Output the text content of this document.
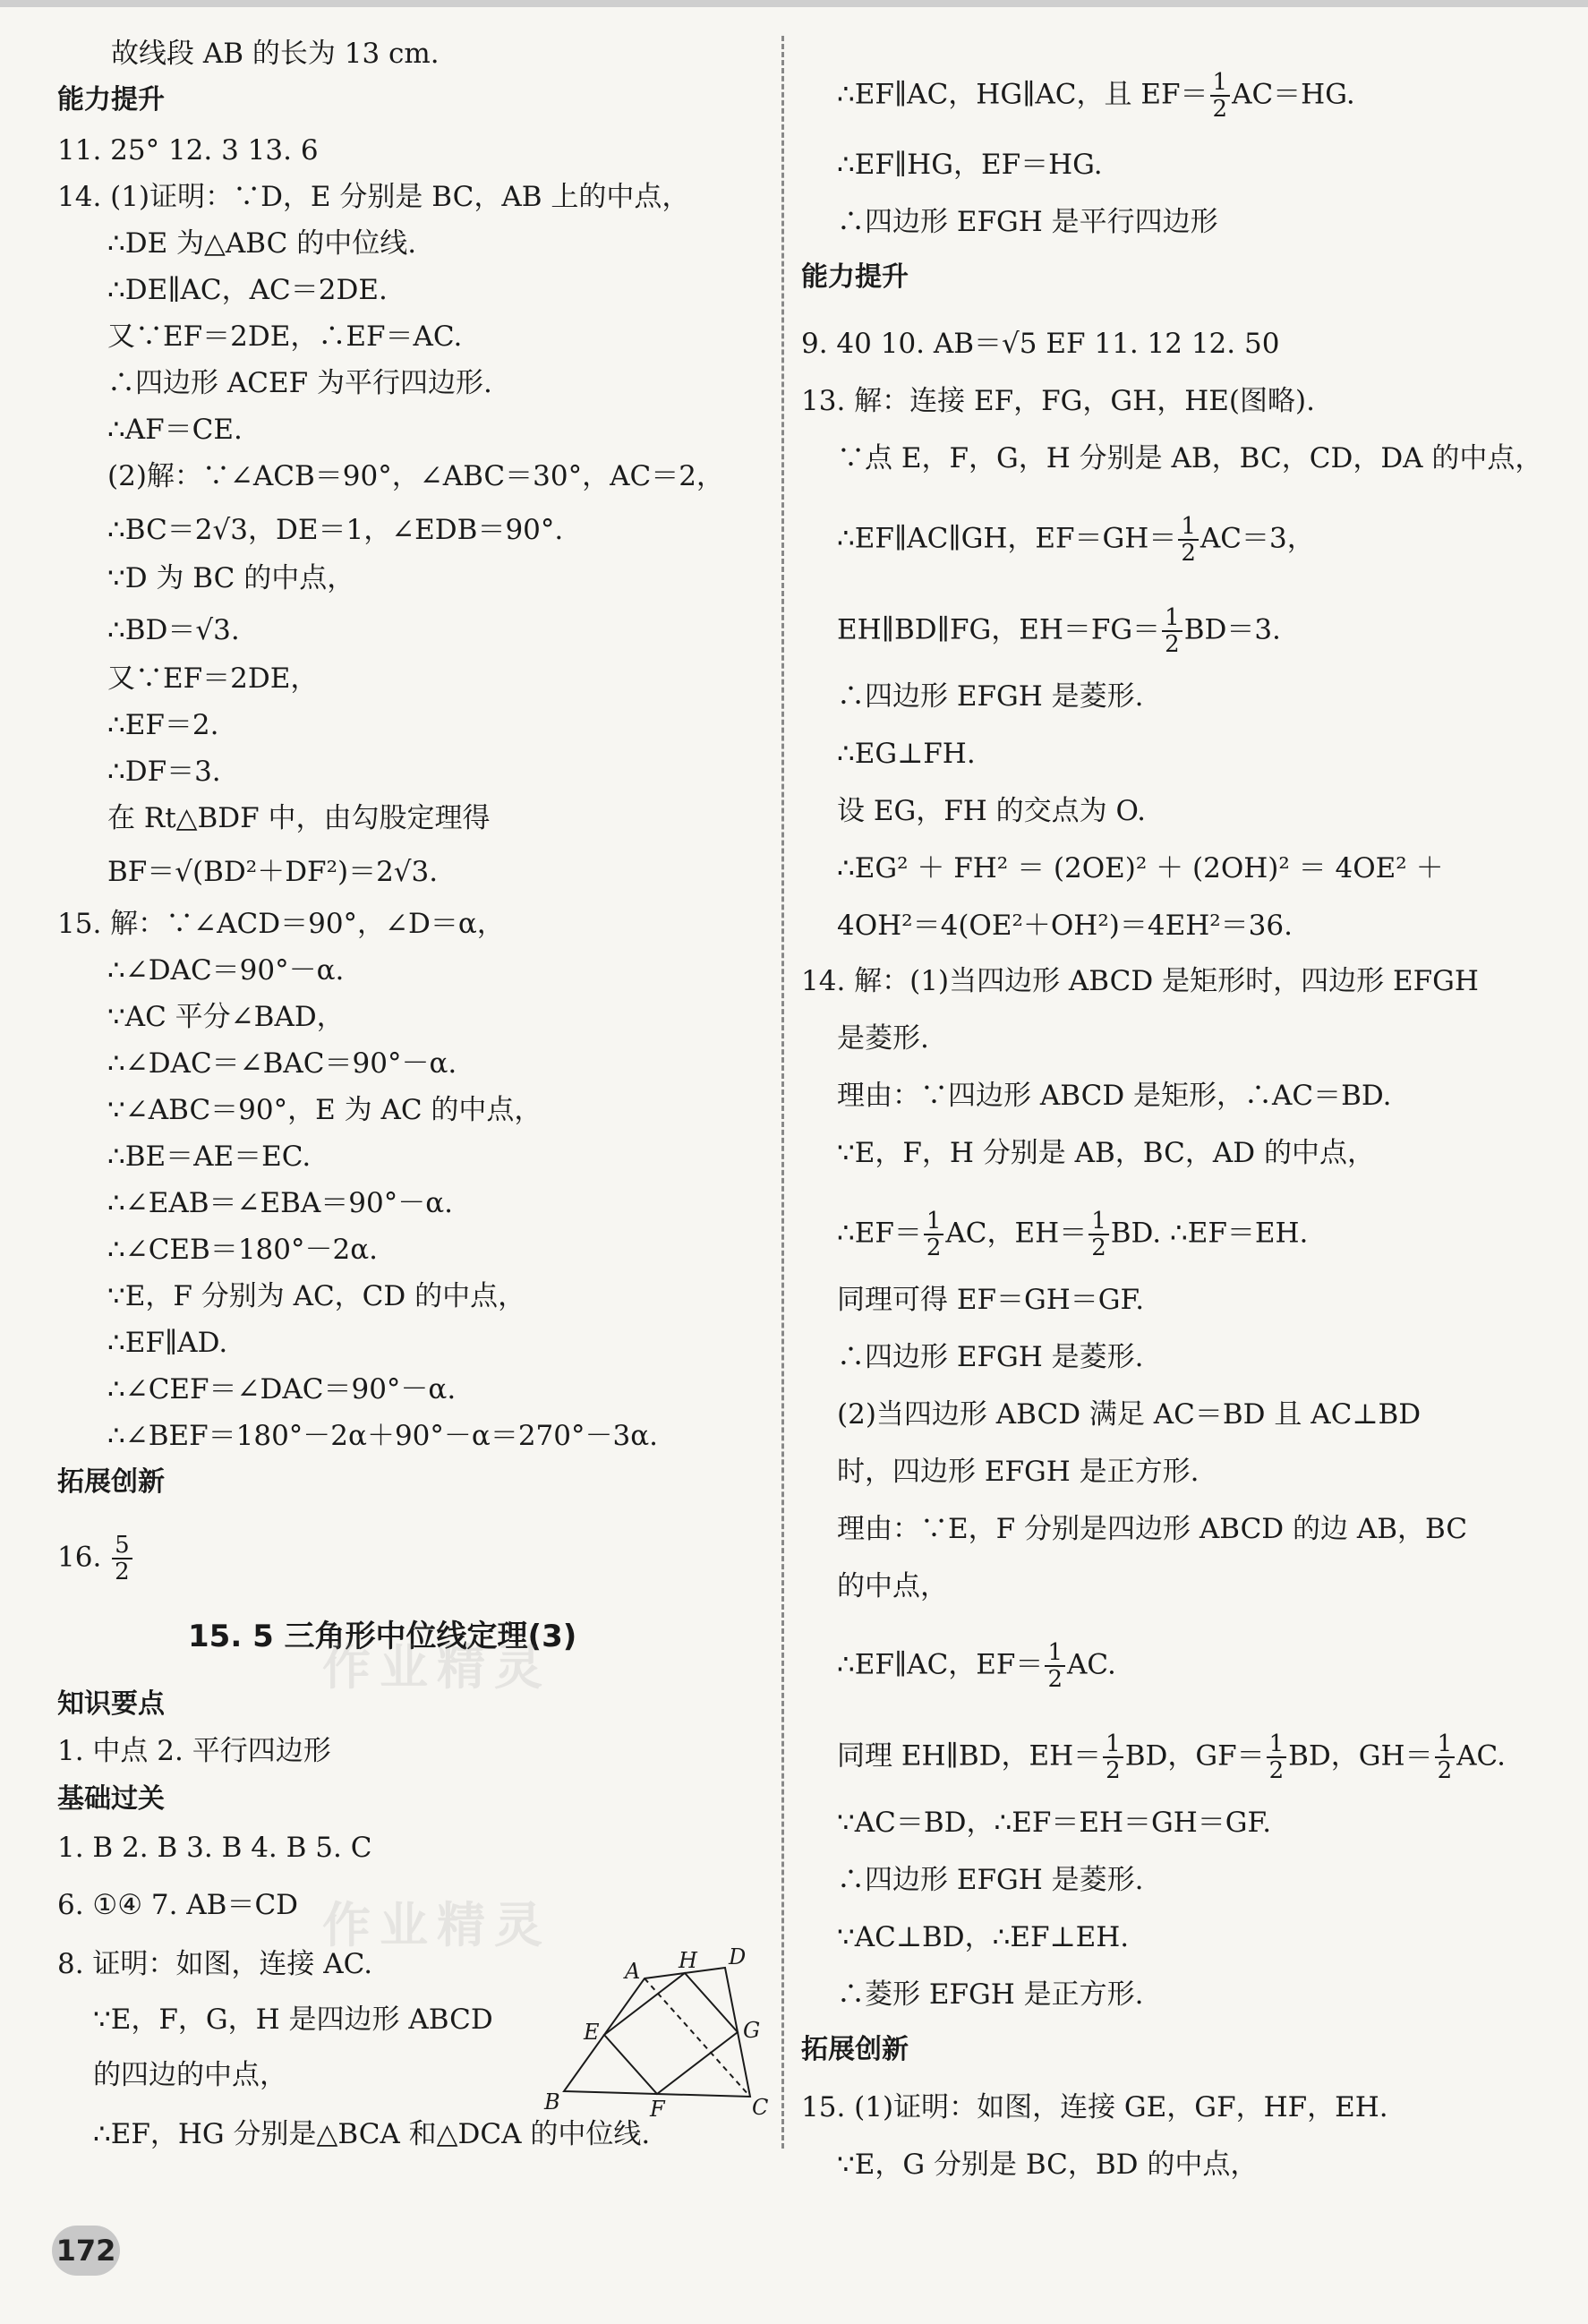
故线段 AB 的长为 13 cm.
能力提升
11. 25° 12. 3 13. 6
14. (1)证明：∵D，E 分别是 BC，AB 上的中点，
∴DE 为△ABC 的中位线.
∴DE∥AC，AC＝2DE.
又∵EF＝2DE，∴EF＝AC.
∴四边形 ACEF 为平行四边形.
∴AF＝CE.
(2)解：∵∠ACB＝90°，∠ABC＝30°，AC＝2，
∴BC＝2√3，DE＝1，∠EDB＝90°.
∵D 为 BC 的中点，
∴BD＝√3.
又∵EF＝2DE，
∴EF＝2.
∴DF＝3.
在 Rt△BDF 中，由勾股定理得
BF＝√(BD²＋DF²)＝2√3.
15. 解：∵∠ACD＝90°，∠D＝α，
∴∠DAC＝90°－α.
∵AC 平分∠BAD，
∴∠DAC＝∠BAC＝90°－α.
∵∠ABC＝90°，E 为 AC 的中点，
∴BE＝AE＝EC.
∴∠EAB＝∠EBA＝90°－α.
∴∠CEB＝180°－2α.
∵E，F 分别为 AC，CD 的中点，
∴EF∥AD.
∴∠CEF＝∠DAC＝90°－α.
∴∠BEF＝180°－2α＋90°－α＝270°－3α.
拓展创新
知识要点
1. 中点 2. 平行四边形
基础过关
1. B 2. B 3. B 4. B 5. C
6. ①④ 7. AB＝CD
8. 证明：如图，连接 AC.
∵E，F，G，H 是四边形 ABCD
的四边的中点，
∴EF，HG 分别是△BCA 和△DCA 的中位线.
∴EF∥AC，HG∥AC，且 $EF= \frac{1}{2} AC=HG$.
∴EF∥HG，EF＝HG.
∴四边形 EFGH 是平行四边形
能力提升
9. 40 10. AB＝√5 EF 11. 12 12. 50
13. 解：连接 EF，FG，GH，HE(图略).
∵点 E，F，G，H 分别是 AB，BC，CD，DA 的中点，
∴EF∥AC∥GH，$EF=GH= \frac{1}{2} AC=3$，
EH∥BD∥FG，$EH=FG= \frac{1}{2} BD=3$.
∴四边形 EFGH 是菱形.
∴EG⊥FH.
设 EG，FH 的交点为 O.
∴EG² ＋ FH² ＝ (2OE)² ＋ (2OH)² ＝ 4OE² ＋
4OH²＝4(OE²＋OH²)＝4EH²＝36.
14. 解：(1)当四边形 ABCD 是矩形时，四边形 EFGH
是菱形.
理由：∵四边形 ABCD 是矩形，∴AC＝BD.
∵E，F，H 分别是 AB，BC，AD 的中点，
∴EF＝ $\frac{1}{2}$ AC，$EH= \frac{1}{2}$ BD. ∴EF＝EH.
同理可得 EF＝GH＝GF.
∴四边形 EFGH 是菱形.
(2)当四边形 ABCD 满足 AC＝BD 且 AC⊥BD
时，四边形 EFGH 是正方形.
理由：∵E，F 分别是四边形 ABCD 的边 AB，BC
的中点，
∴EF∥AC，$EF= \frac{1}{2}$ AC.
同理 EH∥BD，$EH= \frac{1}{2}$ BD，$GF= \frac{1}{2}$ BD，$GH= \frac{1}{2}$ AC.
∵AC＝BD，∴EF＝EH＝GH＝GF.
∴四边形 EFGH 是菱形.
∵AC⊥BD，∴EF⊥EH.
∴菱形 EFGH 是正方形.
拓展创新
15. (1)证明：如图，连接 GE，GF，HF，EH.
∵E，G 分别是 BC，BD 的中点，
16. $\frac{5}{2}$
15. 5 三角形中位线定理(3)
作业精灵
作业精灵
A H D
E	G
B	F	C
172
